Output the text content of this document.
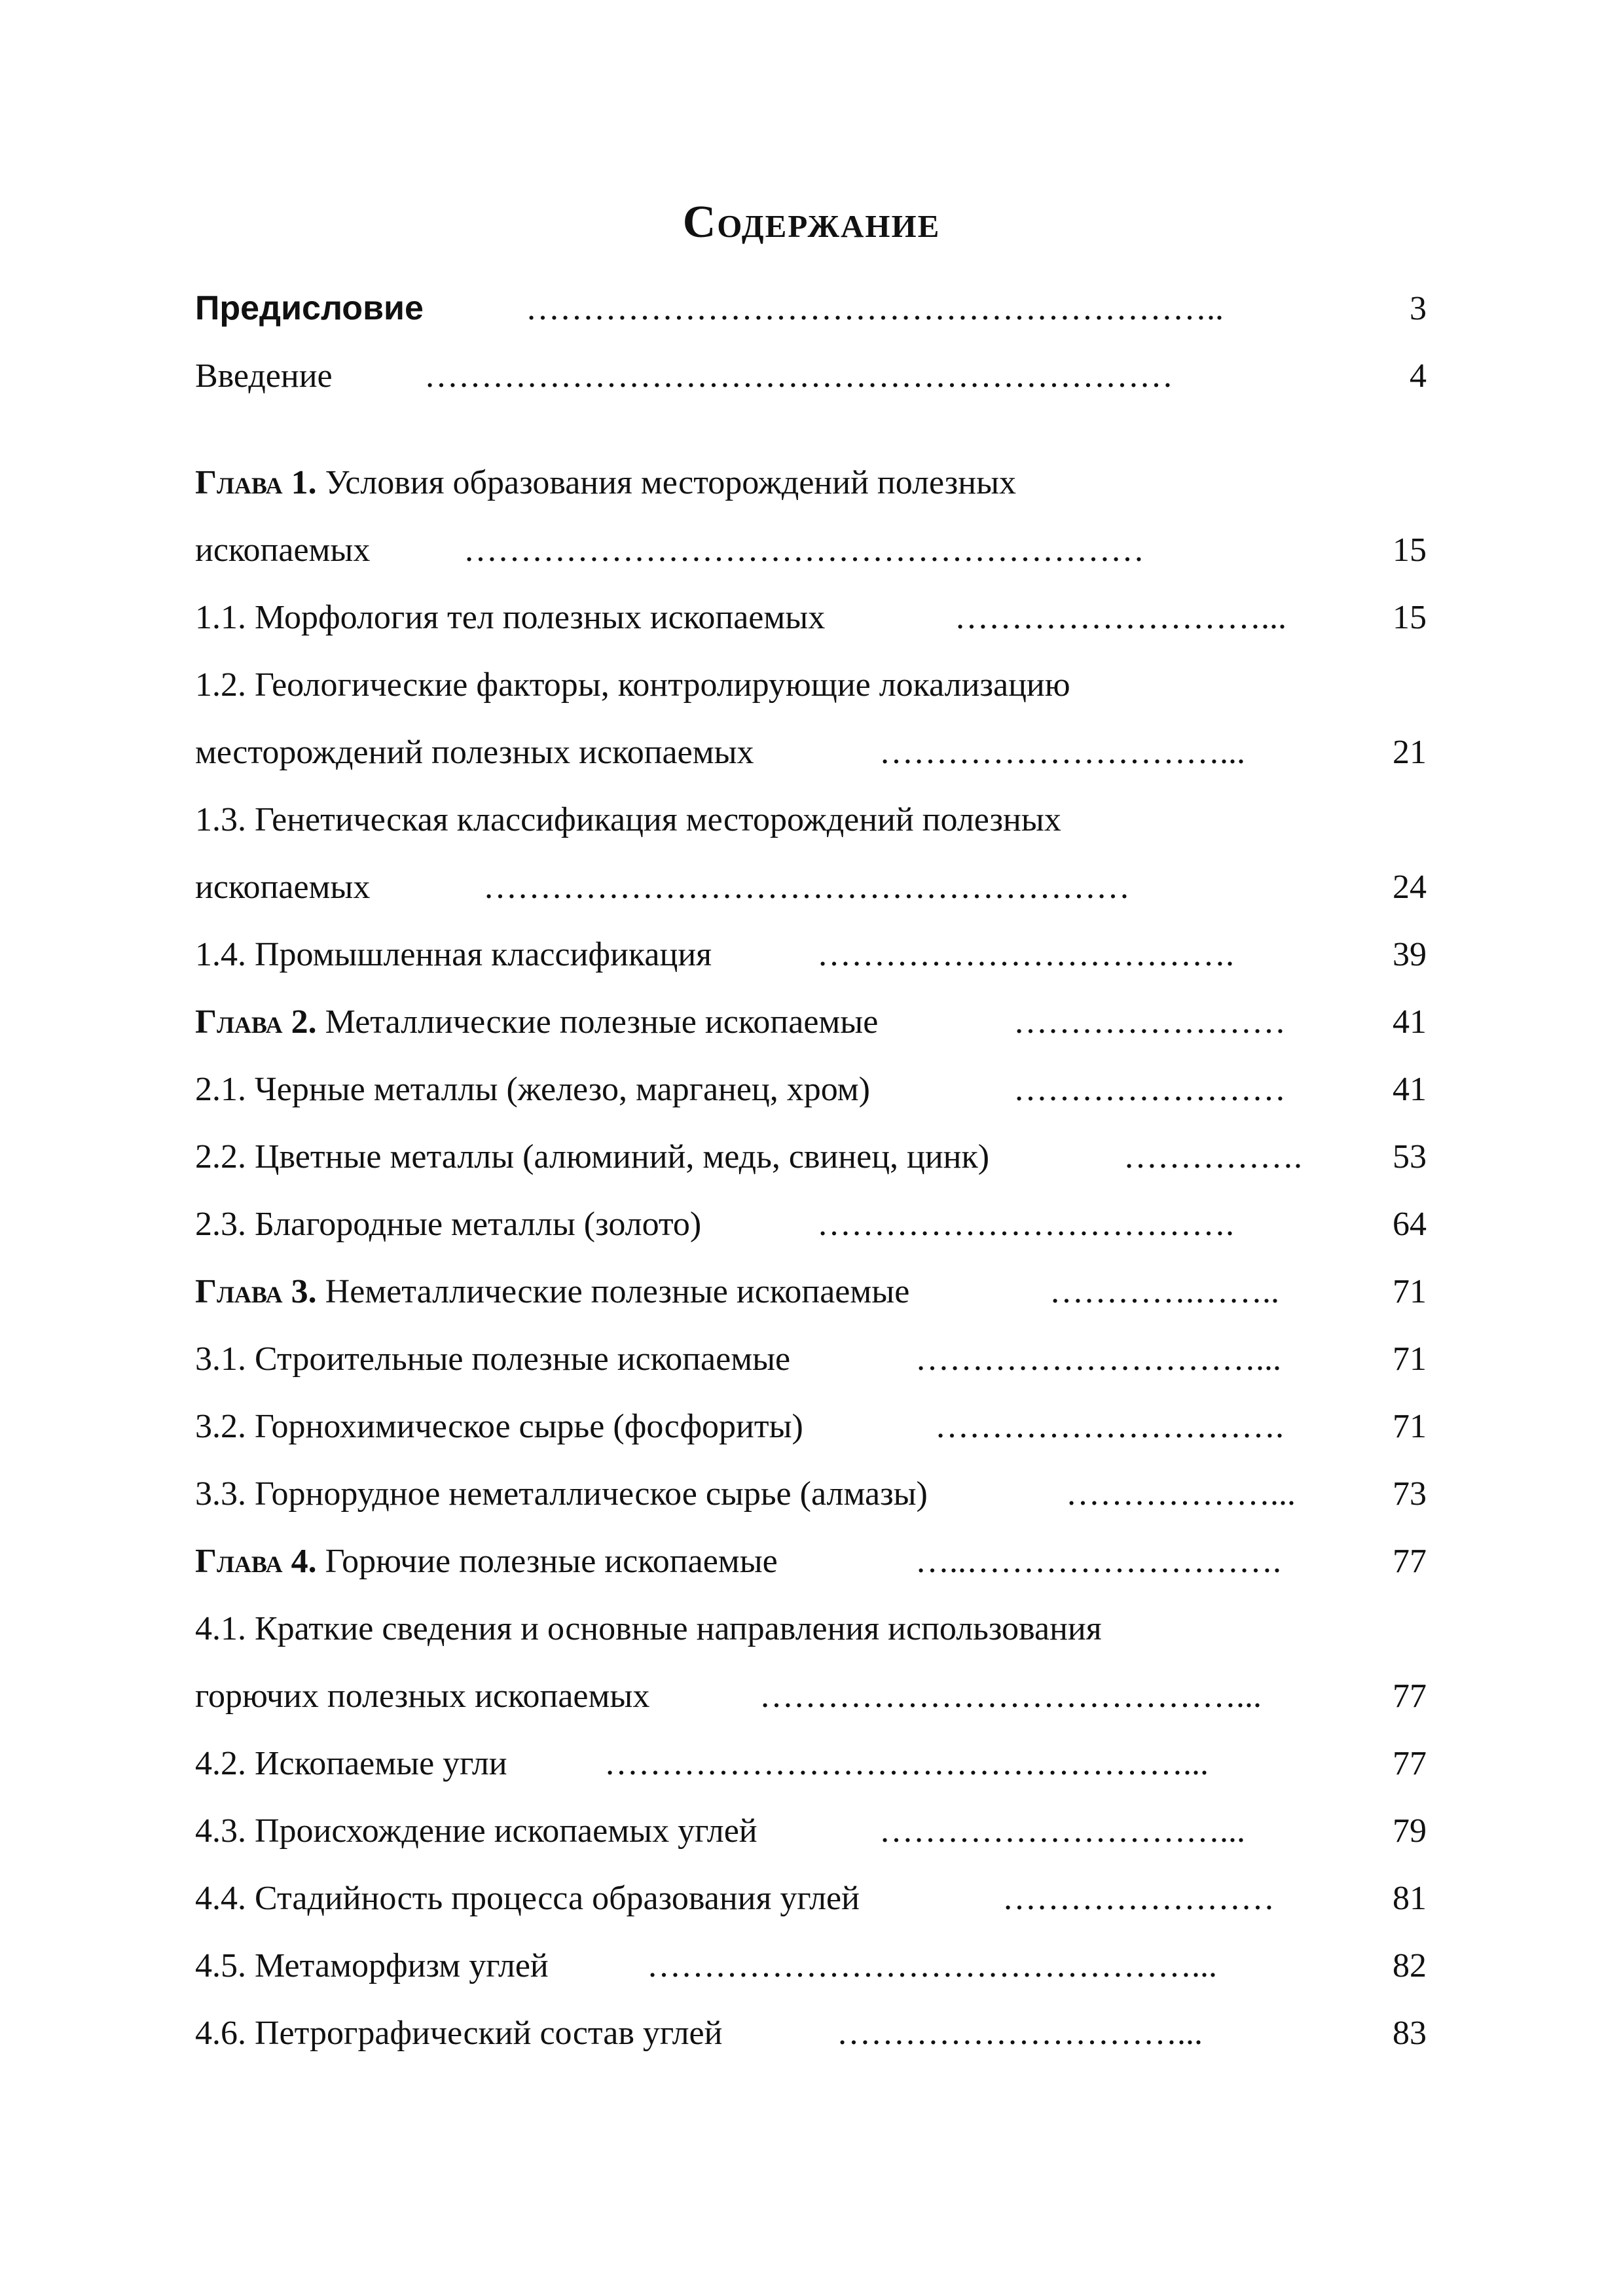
Содержание
Предисловие	……………………………………………………..	3
Введение	…………………………………………………………	4
Глава 1. Условия образования месторождений полезных
ископаемых	……………………………………………………	15
1.1. Морфология тел полезных ископаемых	………………………...	15
1.2. Геологические факторы, контролирующие локализацию
месторождений полезных ископаемых	…………………………...	21
1.3. Генетическая классификация месторождений полезных
ископаемых	…………………………………………………	24
1.4. Промышленная классификация	……………………………….	39
Глава 2. Металлические полезные ископаемые	……………………	41
2.1. Черные металлы (железо, марганец, хром)	……………………	41
2.2. Цветные металлы (алюминий, медь, свинец, цинк)	…………….	53
2.3. Благородные металлы (золото)	……………………………….	64
Глава 3. Неметаллические полезные ископаемые	………….……..	71
3.1. Строительные полезные ископаемые	…………………………...	71
3.2. Горнохимическое сырье (фосфориты)	………………………….	71
3.3. Горнорудное неметаллическое сырье (алмазы)	………………...	73
Глава 4. Горючие полезные ископаемые	…..……………………….	77
4.1. Краткие сведения и основные направления использования
горючих полезных ископаемых	……………………………………...	77
4.2. Ископаемые угли	……………………………………………...	77
4.3. Происхождение ископаемых углей	…………………………...	79
4.4. Стадийность процесса образования углей	……………………	81
4.5. Метаморфизм углей	…………………………………………...	82
4.6. Петрографический состав углей	…………………………...	83
